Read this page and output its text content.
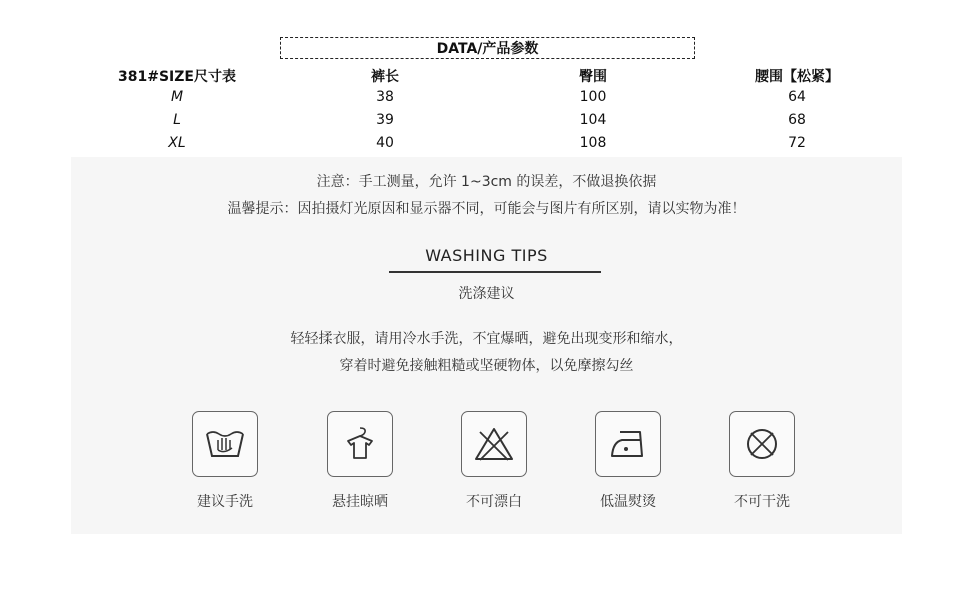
DATA/产品参数
381#SIZE尺寸表	裤长	臀围	腰围【松紧】
M	38	100	64
L	39	104	68
XL	40	108	72
注意：手工测量，允许 1~3cm 的误差，不做退换依据
温馨提示：因拍摄灯光原因和显示器不同，可能会与图片有所区别，请以实物为准！
WASHING TIPS
洗涤建议
轻轻揉衣服，请用冷水手洗，不宜爆晒，避免出现变形和缩水，
穿着时避免接触粗糙或坚硬物体，以免摩擦勾丝
建议手洗	悬挂晾晒	不可漂白	低温熨烫	不可干洗
